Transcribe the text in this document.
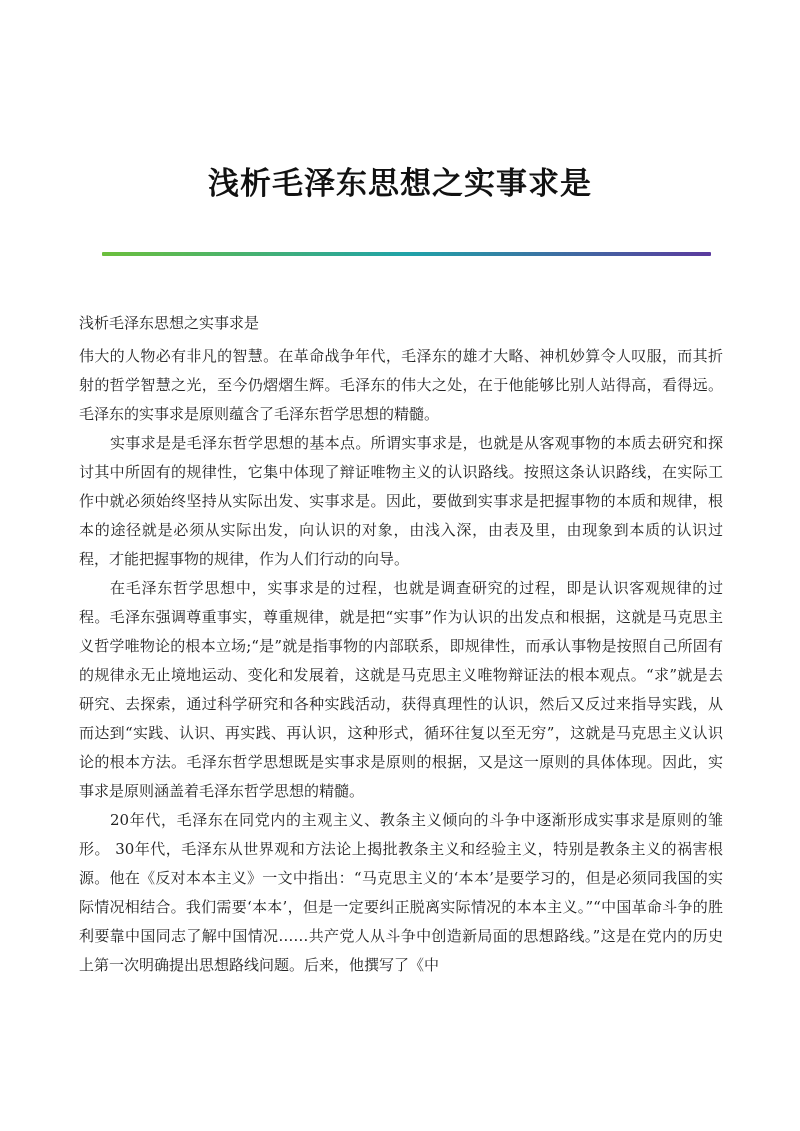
浅析毛泽东思想之实事求是

浅析毛泽东思想之实事求是

伟大的人物必有非凡的智慧。在革命战争年代，毛泽东的雄才大略、神机妙算令人叹服，而其折射的哲学智慧之光，至今仍熠熠生辉。毛泽东的伟大之处，在于他能够比别人站得高，看得远。毛泽东的实事求是原则蕴含了毛泽东哲学思想的精髓。

实事求是是毛泽东哲学思想的基本点。所谓实事求是，也就是从客观事物的本质去研究和探讨其中所固有的规律性，它集中体现了辩证唯物主义的认识路线。按照这条认识路线，在实际工作中就必须始终坚持从实际出发、实事求是。因此，要做到实事求是把握事物的本质和规律，根本的途径就是必须从实际出发，向认识的对象，由浅入深，由表及里，由现象到本质的认识过程，才能把握事物的规律，作为人们行动的向导。

在毛泽东哲学思想中，实事求是的过程，也就是调查研究的过程，即是认识客观规律的过程。毛泽东强调尊重事实，尊重规律，就是把“实事”作为认识的出发点和根据，这就是马克思主义哲学唯物论的根本立场;“是”就是指事物的内部联系，即规律性，而承认事物是按照自己所固有的规律永无止境地运动、变化和发展着，这就是马克思主义唯物辩证法的根本观点。“求”就是去研究、去探索，通过科学研究和各种实践活动，获得真理性的认识，然后又反过来指导实践，从而达到“实践、认识、再实践、再认识，这种形式，循环往复以至无穷”，这就是马克思主义认识论的根本方法。毛泽东哲学思想既是实事求是原则的根据，又是这一原则的具体体现。因此，实事求是原则涵盖着毛泽东哲学思想的精髓。

20年代，毛泽东在同党内的主观主义、教条主义倾向的斗争中逐渐形成实事求是原则的雏形。 30年代，毛泽东从世界观和方法论上揭批教条主义和经验主义，特别是教条主义的祸害根源。他在《反对本本主义》一文中指出：“马克思主义的‘本本’是要学习的，但是必须同我国的实际情况相结合。我们需要‘本本’，但是一定要纠正脱离实际情况的本本主义。”“中国革命斗争的胜利要靠中国同志了解中国情况……共产党人从斗争中创造新局面的思想路线。”这是在党内的历史上第一次明确提出思想路线问题。后来，他撰写了《中
